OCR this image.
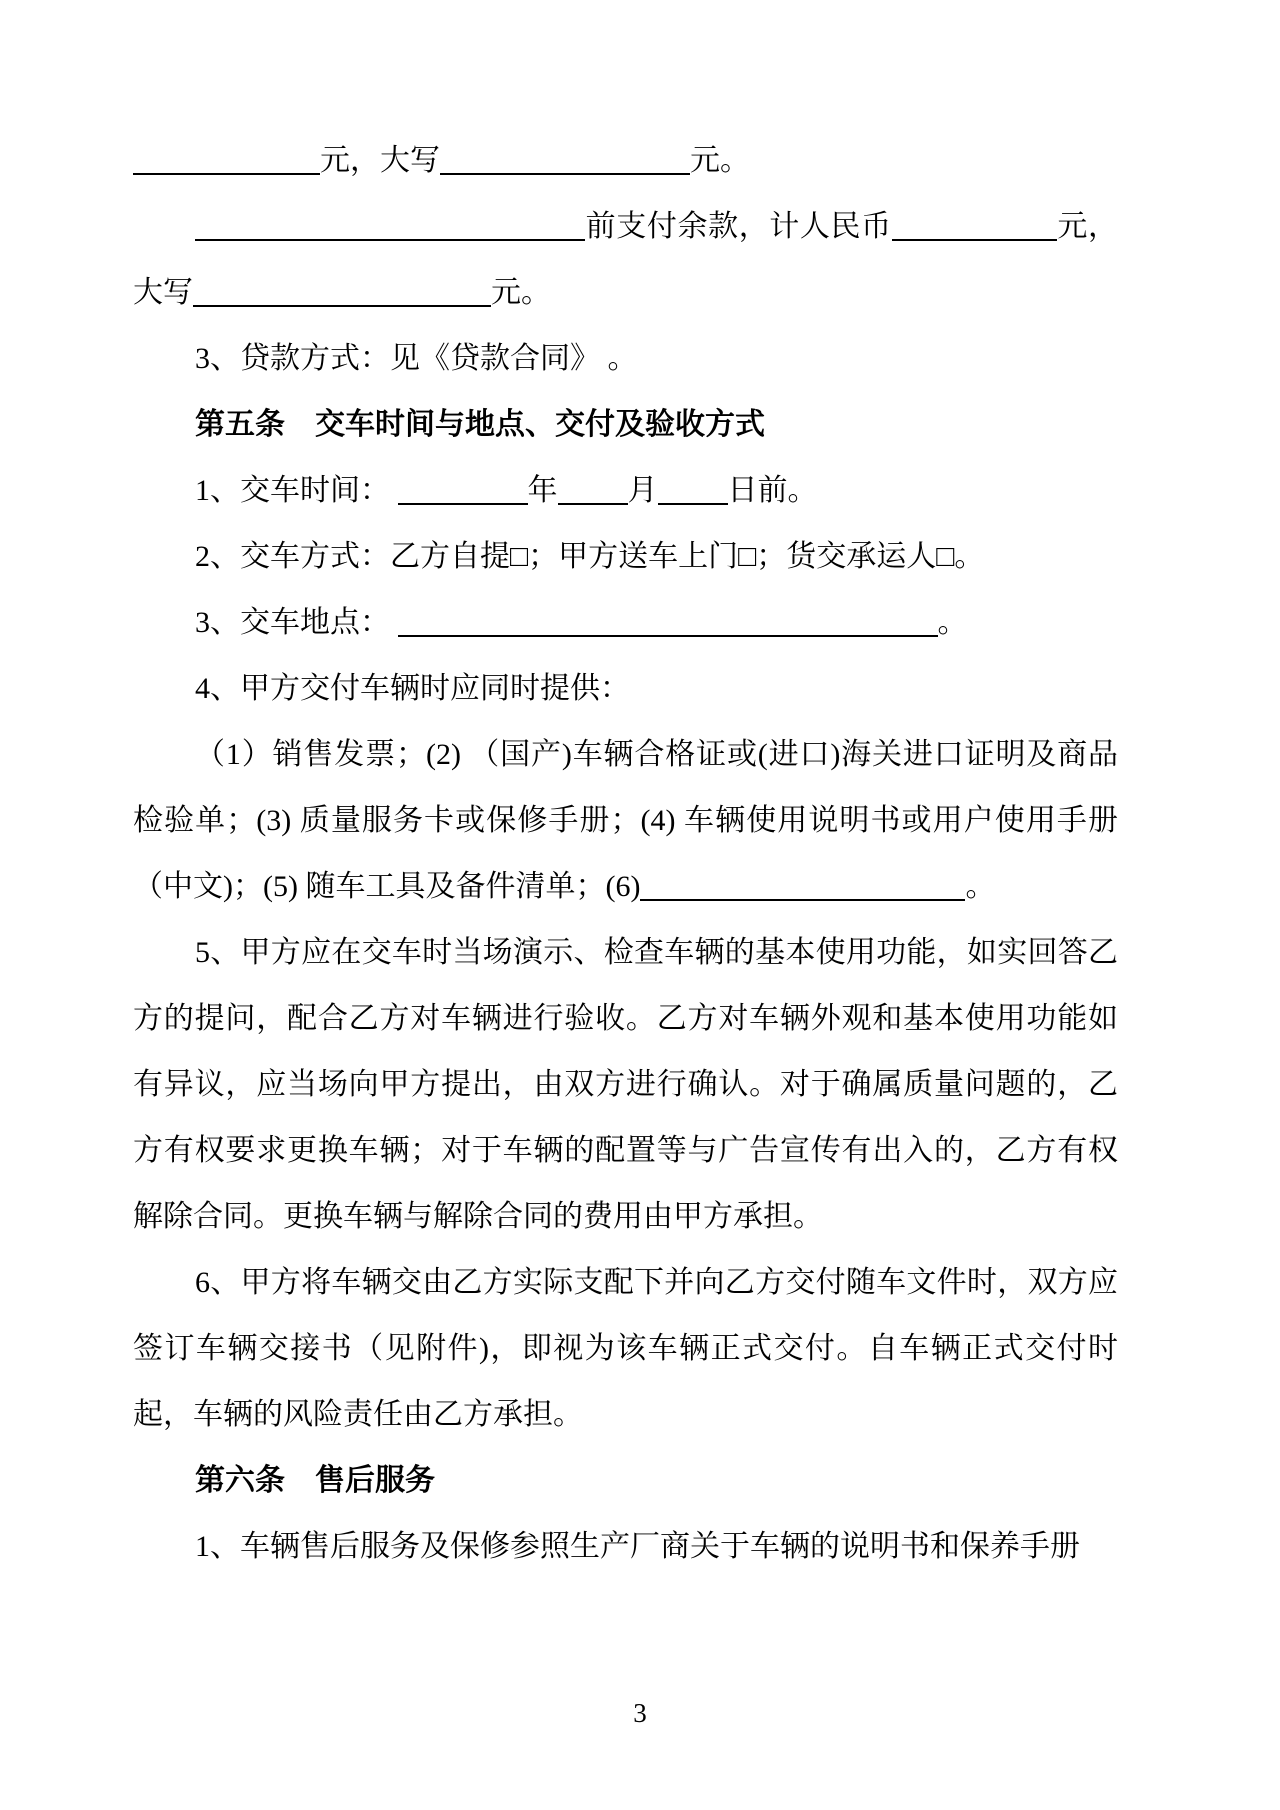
元，大写	元。

前支付余款，计人民币	元，大写	元。

3、贷款方式：见《贷款合同》 。

第五条　交车时间与地点、交付及验收方式

1、交车时间：	年 月 日前。

2、交车方式：乙方自提□；甲方送车上门□；货交承运人□。

3、交车地点：	。

4、甲方交付车辆时应同时提供：

（1）销售发票；(2) （国产)车辆合格证或(进口)海关进口证明及商品检验单；(3) 质量服务卡或保修手册；(4) 车辆使用说明书或用户使用手册（中文)；(5) 随车工具及备件清单；(6)	。

5、甲方应在交车时当场演示、检查车辆的基本使用功能，如实回答乙方的提问，配合乙方对车辆进行验收。乙方对车辆外观和基本使用功能如有异议，应当场向甲方提出，由双方进行确认。对于确属质量问题的，乙方有权要求更换车辆；对于车辆的配置等与广告宣传有出入的，乙方有权解除合同。更换车辆与解除合同的费用由甲方承担。

6、甲方将车辆交由乙方实际支配下并向乙方交付随车文件时，双方应签订车辆交接书（见附件)，即视为该车辆正式交付。自车辆正式交付时起，车辆的风险责任由乙方承担。

第六条　售后服务

1、车辆售后服务及保修参照生产厂商关于车辆的说明书和保养手册

3
